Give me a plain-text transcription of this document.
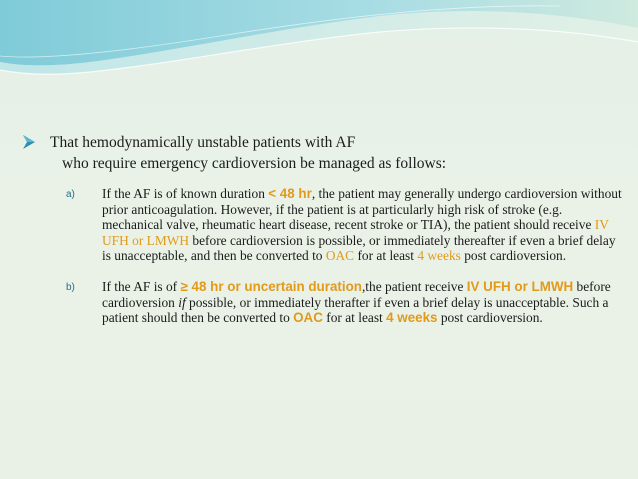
That hemodynamically unstable patients with AF
who require emergency cardioversion be managed as follows:
a) If the AF is of known duration < 48 hr, the patient may generally undergo cardioversion without prior anticoagulation. However, if the patient is at particularly high risk of stroke (e.g. mechanical valve, rheumatic heart disease, recent stroke or TIA), the patient should receive IV UFH or LMWH before cardioversion is possible, or immediately thereafter if even a brief delay is unacceptable, and then be converted to OAC for at least 4 weeks post cardioversion.
b) If the AF is of ≥ 48 hr or uncertain duration,the patient receive IV UFH or LMWH before cardioversion if possible, or immediately therafter if even a brief delay is unacceptable. Such a patient should then be converted to OAC for at least 4 weeks post cardioversion.
